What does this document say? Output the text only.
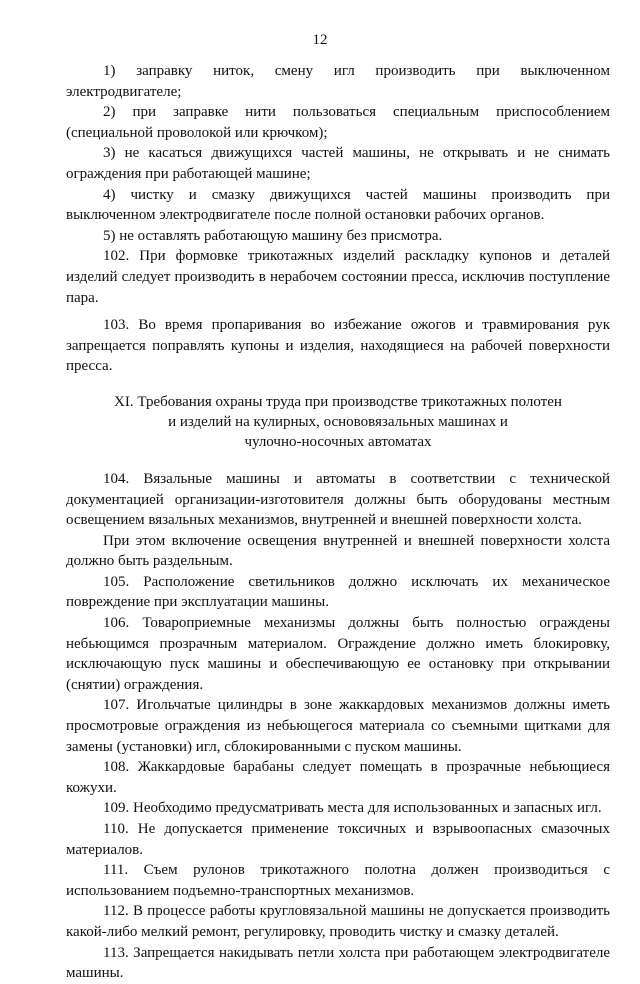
12

1) заправку ниток, смену игл производить при выключенном электродвигателе;

2) при заправке нити пользоваться специальным приспособлением (специальной проволокой или крючком);

3) не касаться движущихся частей машины, не открывать и не снимать ограждения при работающей машине;

4) чистку и смазку движущихся частей машины производить при выключенном электродвигателе после полной остановки рабочих органов.

5) не оставлять работающую машину без присмотра.

102. При формовке трикотажных изделий раскладку купонов и деталей изделий следует производить в нерабочем состоянии пресса, исключив поступление пара.

103. Во время пропаривания во избежание ожогов и травмирования рук запрещается поправлять купоны и изделия, находящиеся на рабочей поверхности пресса.

XI. Требования охраны труда при производстве трикотажных полотен
и изделий на кулирных, основовязальных машинах и
чулочно-носочных автоматах

104. Вязальные машины и автоматы в соответствии с технической документацией организации-изготовителя должны быть оборудованы местным освещением вязальных механизмов, внутренней и внешней поверхности холста.

При этом включение освещения внутренней и внешней поверхности холста должно быть раздельным.

105. Расположение светильников должно исключать их механическое повреждение при эксплуатации машины.

106. Товароприемные механизмы должны быть полностью ограждены небьющимся прозрачным материалом. Ограждение должно иметь блокировку, исключающую пуск машины и обеспечивающую ее остановку при открывании (снятии) ограждения.

107. Игольчатые цилиндры в зоне жаккардовых механизмов должны иметь просмотровые ограждения из небьющегося материала со съемными щитками для замены (установки) игл, сблокированными с пуском машины.

108. Жаккардовые барабаны следует помещать в прозрачные небьющиеся кожухи.

109. Необходимо предусматривать места для использованных и запасных игл.

110. Не допускается применение токсичных и взрывоопасных смазочных материалов.

111. Съем рулонов трикотажного полотна должен производиться с использованием подъемно-транспортных механизмов.

112. В процессе работы кругловязальной машины не допускается производить какой-либо мелкий ремонт, регулировку, проводить чистку и смазку деталей.

113. Запрещается накидывать петли холста при работающем электродвигателе машины.
